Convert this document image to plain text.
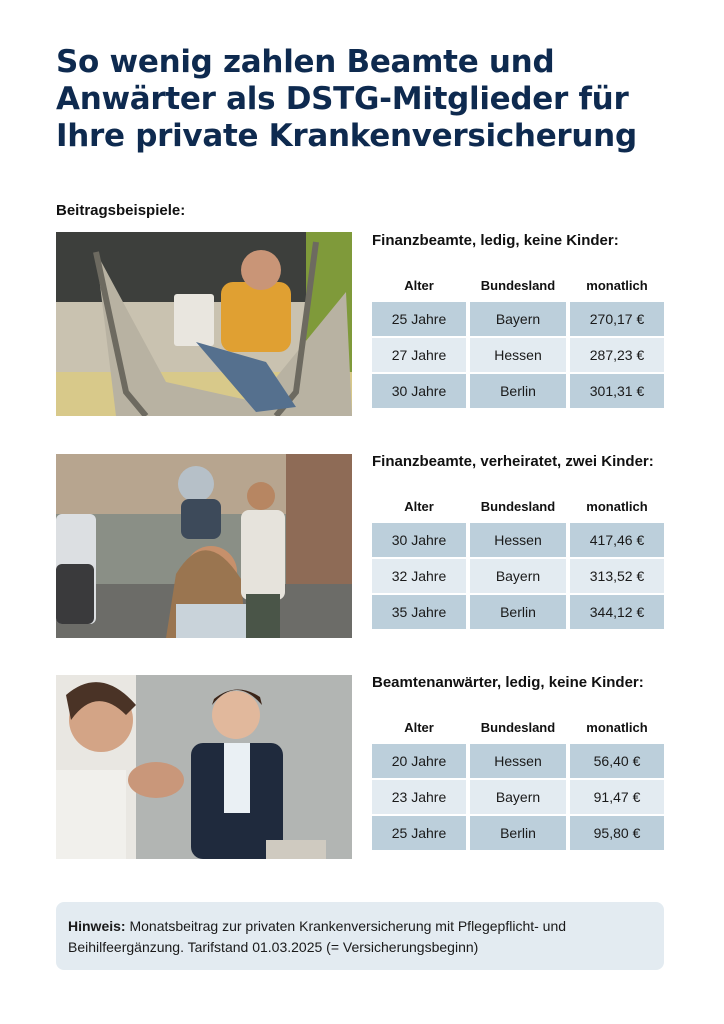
So wenig zahlen Beamte und Anwärter als DSTG-Mitglieder für Ihre private Krankenversicherung
Beitragsbeispiele:
Finanzbeamte, ledig, keine Kinder:
Alter	Bundesland	monatlich
25 Jahre	Bayern	270,17 €
27 Jahre	Hessen	287,23 €
30 Jahre	Berlin	301,31 €
Finanzbeamte, verheiratet, zwei Kinder:
Alter	Bundesland	monatlich
30 Jahre	Hessen	417,46 €
32 Jahre	Bayern	313,52 €
35 Jahre	Berlin	344,12 €
Beamtenanwärter, ledig, keine Kinder:
Alter	Bundesland	monatlich
20 Jahre	Hessen	56,40 €
23 Jahre	Bayern	91,47 €
25 Jahre	Berlin	95,80 €
Hinweis: Monatsbeitrag zur privaten Krankenversicherung mit Pflegepflicht- und Beihilfeergänzung. Tarifstand 01.03.2025 (= Versicherungsbeginn)
